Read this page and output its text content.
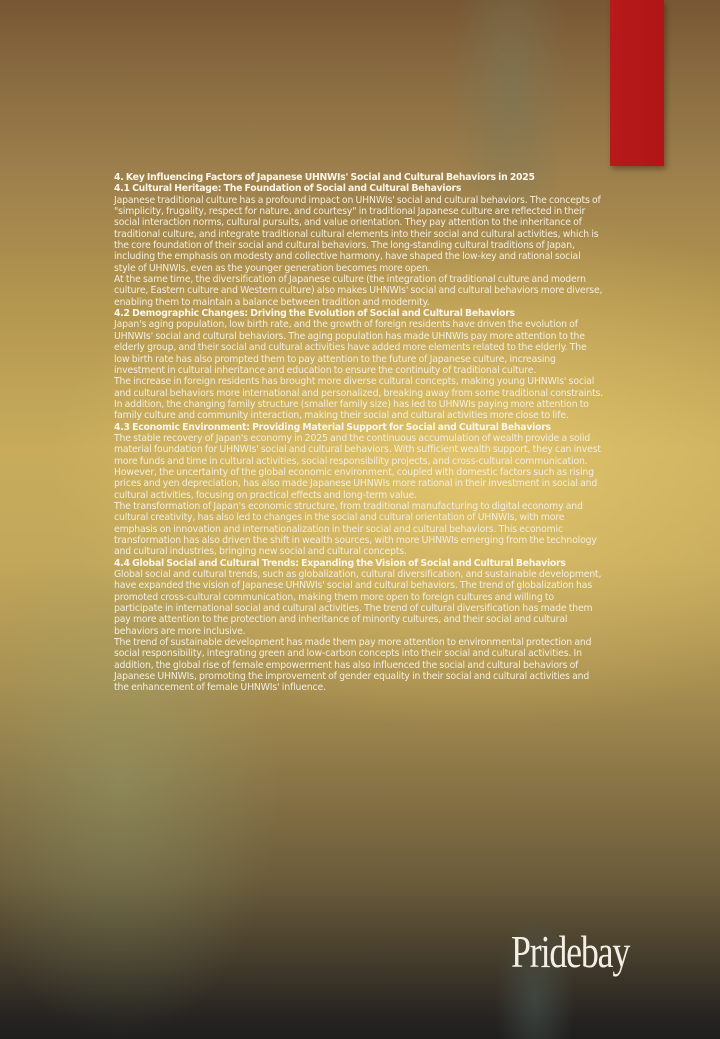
4. Key Influencing Factors of Japanese UHNWIs' Social and Cultural Behaviors in 2025
4.1 Cultural Heritage: The Foundation of Social and Cultural Behaviors

Japanese traditional culture has a profound impact on UHNWIs' social and cultural behaviors. The concepts of "simplicity, frugality, respect for nature, and courtesy" in traditional Japanese culture are reflected in their social interaction norms, cultural pursuits, and value orientation. They pay attention to the inheritance of traditional culture, and integrate traditional cultural elements into their social and cultural activities, which is the core foundation of their social and cultural behaviors. The long-standing cultural traditions of Japan, including the emphasis on modesty and collective harmony, have shaped the low-key and rational social style of UHNWIs, even as the younger generation becomes more open.

At the same time, the diversification of Japanese culture (the integration of traditional culture and modern culture, Eastern culture and Western culture) also makes UHNWIs' social and cultural behaviors more diverse, enabling them to maintain a balance between tradition and modernity.

4.2 Demographic Changes: Driving the Evolution of Social and Cultural Behaviors

Japan's aging population, low birth rate, and the growth of foreign residents have driven the evolution of UHNWIs' social and cultural behaviors. The aging population has made UHNWIs pay more attention to the elderly group, and their social and cultural activities have added more elements related to the elderly. The low birth rate has also prompted them to pay attention to the future of Japanese culture, increasing investment in cultural inheritance and education to ensure the continuity of traditional culture.

The increase in foreign residents has brought more diverse cultural concepts, making young UHNWIs' social and cultural behaviors more international and personalized, breaking away from some traditional constraints. In addition, the changing family structure (smaller family size) has led to UHNWIs paying more attention to family culture and community interaction, making their social and cultural activities more close to life.

4.3 Economic Environment: Providing Material Support for Social and Cultural Behaviors

The stable recovery of Japan's economy in 2025 and the continuous accumulation of wealth provide a solid material foundation for UHNWIs' social and cultural behaviors. With sufficient wealth support, they can invest more funds and time in cultural activities, social responsibility projects, and cross-cultural communication. However, the uncertainty of the global economic environment, coupled with domestic factors such as rising prices and yen depreciation, has also made Japanese UHNWIs more rational in their investment in social and cultural activities, focusing on practical effects and long-term value.

The transformation of Japan's economic structure, from traditional manufacturing to digital economy and cultural creativity, has also led to changes in the social and cultural orientation of UHNWIs, with more emphasis on innovation and internationalization in their social and cultural behaviors. This economic transformation has also driven the shift in wealth sources, with more UHNWIs emerging from the technology and cultural industries, bringing new social and cultural concepts.

4.4 Global Social and Cultural Trends: Expanding the Vision of Social and Cultural Behaviors

Global social and cultural trends, such as globalization, cultural diversification, and sustainable development, have expanded the vision of Japanese UHNWIs' social and cultural behaviors. The trend of globalization has promoted cross-cultural communication, making them more open to foreign cultures and willing to participate in international social and cultural activities. The trend of cultural diversification has made them pay more attention to the protection and inheritance of minority cultures, and their social and cultural behaviors are more inclusive.

The trend of sustainable development has made them pay more attention to environmental protection and social responsibility, integrating green and low-carbon concepts into their social and cultural activities. In addition, the global rise of female empowerment has also influenced the social and cultural behaviors of Japanese UHNWIs, promoting the improvement of gender equality in their social and cultural activities and the enhancement of female UHNWIs' influence.

Pridebay
